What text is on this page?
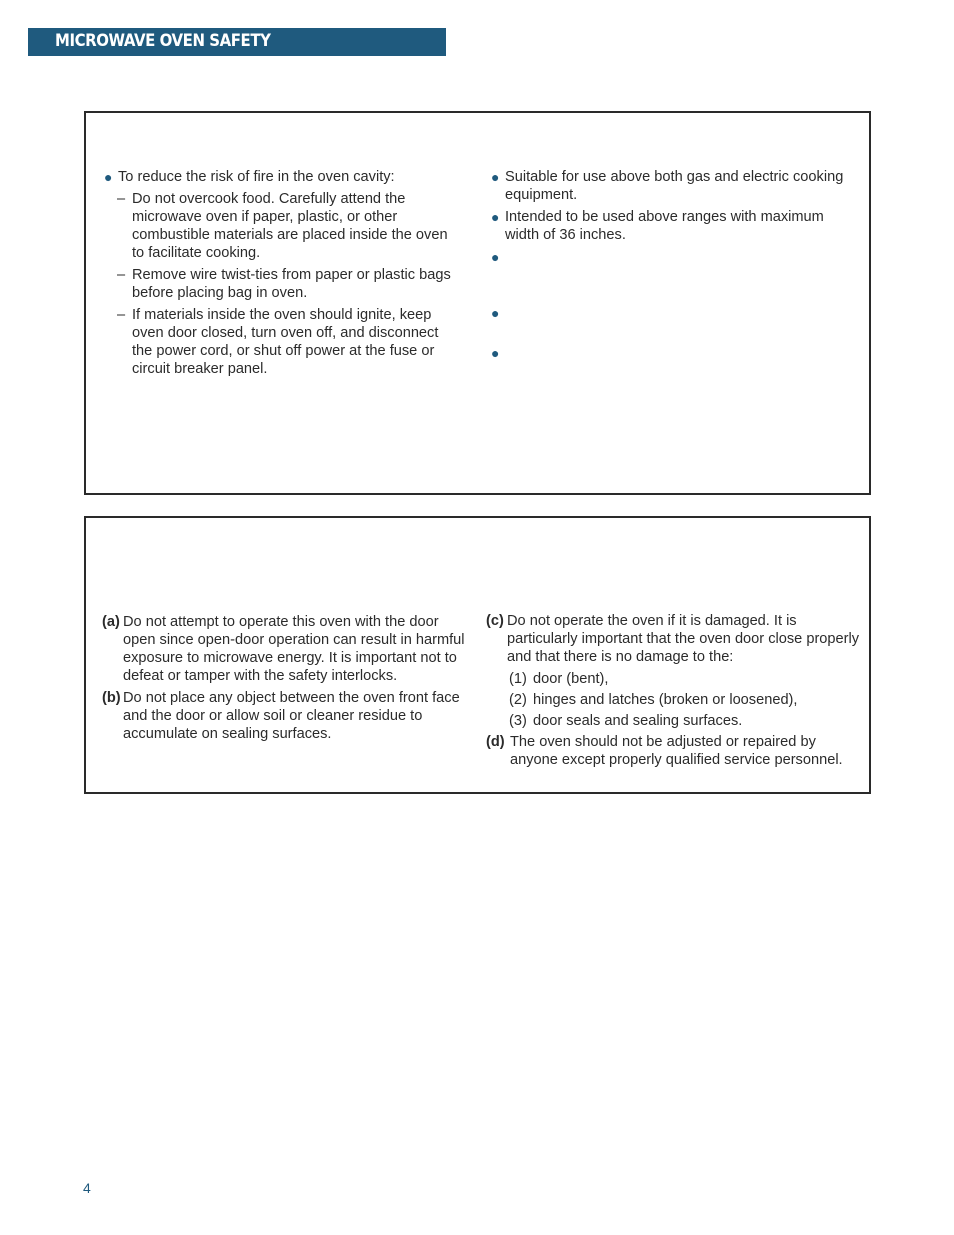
MICROWAVE OVEN SAFETY
● To reduce the risk of fire in the oven cavity:
– Do not overcook food. Carefully attend the microwave oven if paper, plastic, or other combustible materials are placed inside the oven to facilitate cooking.
– Remove wire twist-ties from paper or plastic bags before placing bag in oven.
– If materials inside the oven should ignite, keep oven door closed, turn oven off, and disconnect the power cord, or shut off power at the fuse or circuit breaker panel.
● Suitable for use above both gas and electric cooking equipment.
● Intended to be used above ranges with maximum width of 36 inches.
●
●
●
(a) Do not attempt to operate this oven with the door open since open-door operation can result in harmful exposure to microwave energy. It is important not to defeat or tamper with the safety interlocks.
(b) Do not place any object between the oven front face and the door or allow soil or cleaner residue to accumulate on sealing surfaces.
(c) Do not operate the oven if it is damaged. It is particularly important that the oven door close properly and that there is no damage to the:
(1) door (bent),
(2) hinges and latches (broken or loosened),
(3) door seals and sealing surfaces.
(d) The oven should not be adjusted or repaired by anyone except properly qualified service personnel.
4
